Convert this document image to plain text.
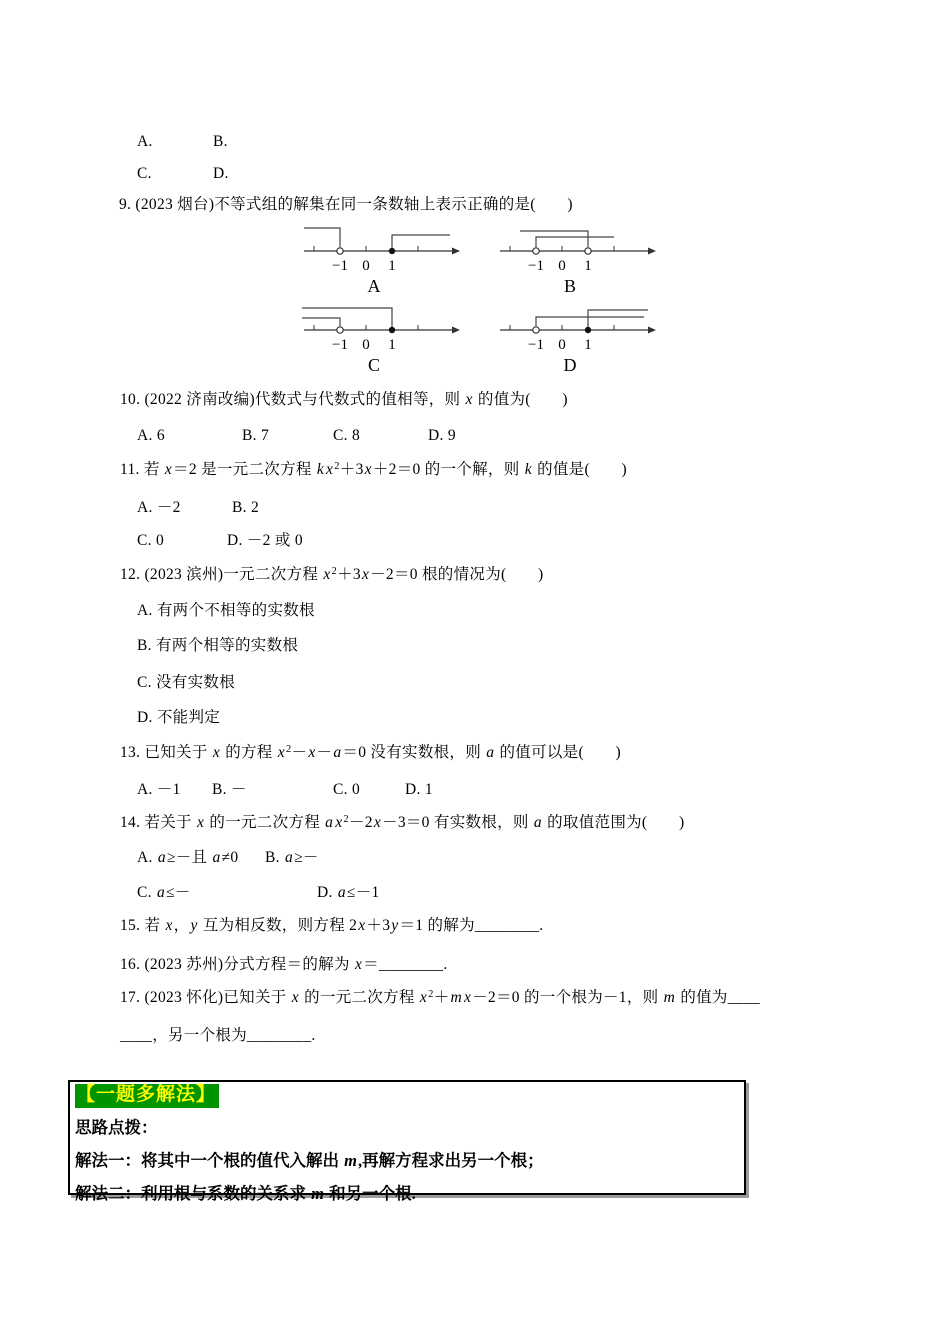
A.	B.
C.	D.
9. (2023 烟台)不等式组的解集在同一条数轴上表示正确的是(　　)
−1 0 1
A
−1 0 1
B
−1 0 1
C
−1 0 1
D
10. (2022 济南改编)代数式与代数式的值相等，则 x 的值为(　　)
A. 6	B. 7	C. 8	D. 9
11. 若 x＝2 是一元二次方程 k $x^2+3x+2=0$ 的一个解，则 k 的值是(　　)
A. －2	B. 2
C. 0	D. －2 或 0
12. (2023 滨州)一元二次方程 $x^2+3x-2=0$ 根的情况为(　　)
A. 有两个不相等的实数根
B. 有两个相等的实数根
C. 没有实数根
D. 不能判定
13. 已知关于 x 的方程 $x^2-x-a=0$ 没有实数根，则 a 的值可以是(　　)
A. －1 B. －	C. 0	D. 1
14. 若关于 x 的一元二次方程 a $x^2-2x-3=0$ 有实数根，则 a 的取值范围为(　　)
A. a≥－且 a≠0 B. a≥－
C. a≤－	D. a≤－1
15. 若 x，y 互为相反数，则方程 2x＋3y＝1 的解为________.
16. (2023 苏州)分式方程＝的解为 x＝________.
17. (2023 怀化)已知关于 x 的一元二次方程 $x^2+m$ x－2＝0 的一个根为－1，则 m 的值为____
____，另一个根为________.
【一题多解法】
思路点拨：
解法一：将其中一个根的值代入解出 m,再解方程求出另一个根；
解法二：利用根与系数的关系求 m 和另一个根.
